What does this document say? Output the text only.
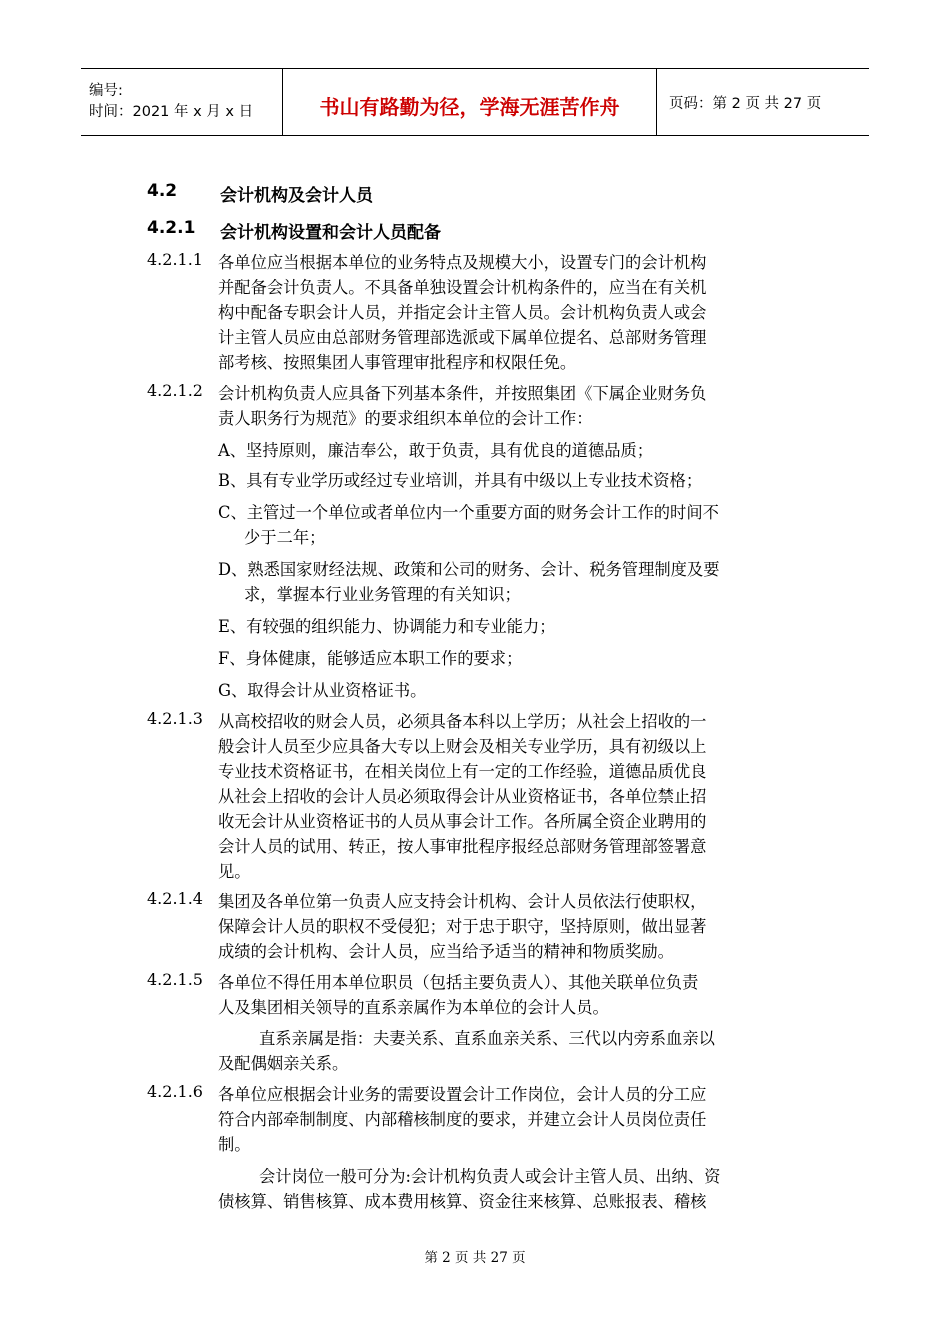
编号:
时间：2021 年 x 月 x 日	书山有路勤为径，学海无涯苦作舟	页码：第 2 页 共 27 页
4.2	会计机构及会计人员
4.2.1 会计机构设置和会计人员配备
4.2.1.1 各单位应当根据本单位的业务特点及规模大小，设置专门的会计机构
并配备会计负责人。不具备单独设置会计机构条件的，应当在有关机
构中配备专职会计人员，并指定会计主管人员。会计机构负责人或会
计主管人员应由总部财务管理部选派或下属单位提名、总部财务管理
部考核、按照集团人事管理审批程序和权限任免。
4.2.1.2 会计机构负责人应具备下列基本条件，并按照集团《下属企业财务负
责人职务行为规范》的要求组织本单位的会计工作：
A、坚持原则，廉洁奉公，敢于负责，具有优良的道德品质；
B、具有专业学历或经过专业培训，并具有中级以上专业技术资格；
C、主管过一个单位或者单位内一个重要方面的财务会计工作的时间不
少于二年；
D、熟悉国家财经法规、政策和公司的财务、会计、税务管理制度及要
求，掌握本行业业务管理的有关知识；
E、有较强的组织能力、协调能力和专业能力；
F、身体健康，能够适应本职工作的要求；
G、取得会计从业资格证书。
4.2.1.3 从高校招收的财会人员，必须具备本科以上学历；从社会上招收的一
般会计人员至少应具备大专以上财会及相关专业学历，具有初级以上
专业技术资格证书，在相关岗位上有一定的工作经验，道德品质优良
从社会上招收的会计人员必须取得会计从业资格证书，各单位禁止招
收无会计从业资格证书的人员从事会计工作。各所属全资企业聘用的
会计人员的试用、转正，按人事审批程序报经总部财务管理部签署意
见。
4.2.1.4 集团及各单位第一负责人应支持会计机构、会计人员依法行使职权，
保障会计人员的职权不受侵犯；对于忠于职守，坚持原则，做出显著
成绩的会计机构、会计人员，应当给予适当的精神和物质奖励。
4.2.1.5 各单位不得任用本单位职员（包括主要负责人）、其他关联单位负责
人及集团相关领导的直系亲属作为本单位的会计人员。
直系亲属是指：夫妻关系、直系血亲关系、三代以内旁系血亲以
及配偶姻亲关系。
4.2.1.6 各单位应根据会计业务的需要设置会计工作岗位，会计人员的分工应
符合内部牵制制度、内部稽核制度的要求，并建立会计人员岗位责任
制。
会计岗位一般可分为:会计机构负责人或会计主管人员、出纳、资
债核算、销售核算、成本费用核算、资金往来核算、总账报表、稽核
第 2 页 共 27 页
